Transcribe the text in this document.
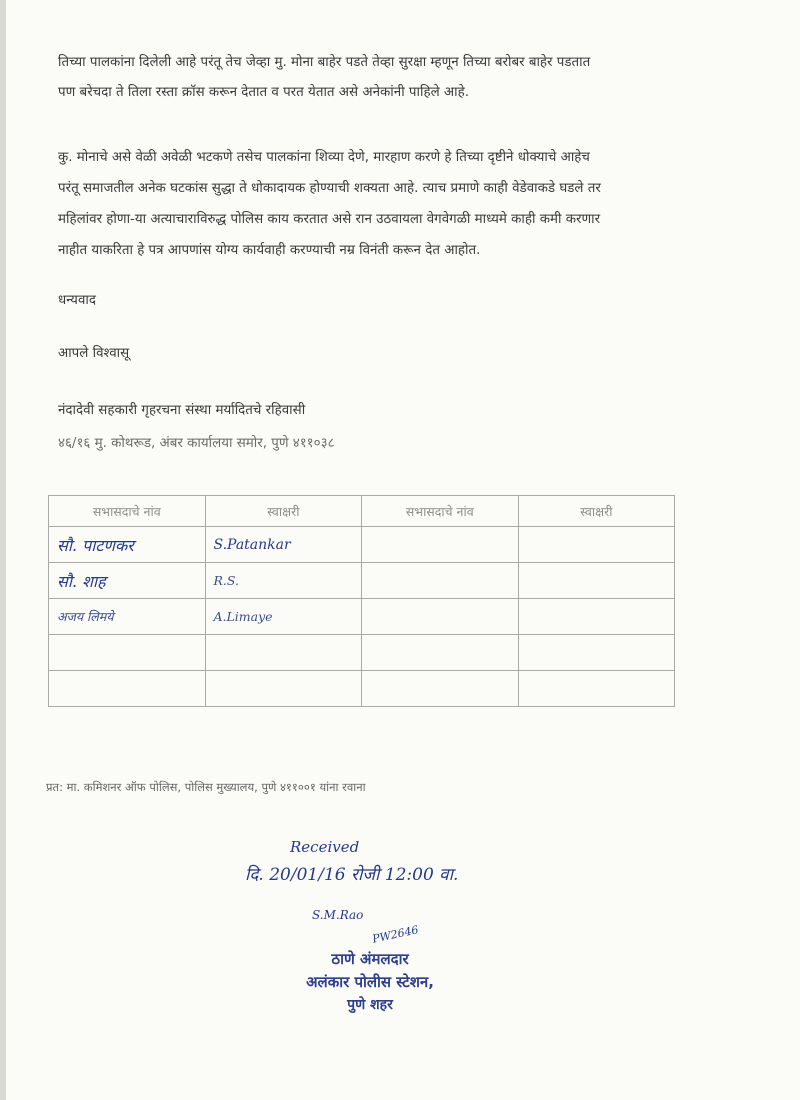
तिच्या पालकांना दिलेली आहे परंतू तेच जेव्हा मु. मोना बाहेर पडते तेव्हा सुरक्षा म्हणून तिच्या बरोबर बाहेर पडतात
पण बरेचदा ते तिला रस्ता क्रॉस करून देतात व परत येतात असे अनेकांनी पाहिले आहे.
कु. मोनाचे असे वेळी अवेळी भटकणे तसेच पालकांना शिव्या देणे, मारहाण करणे हे तिच्या दृष्टीने धोक्याचे आहेच
परंतू समाजतील अनेक घटकांस सुद्धा ते धोकादायक होण्याची शक्यता आहे. त्याच प्रमाणे काही वेडेवाकडे घडले तर
महिलांवर होणा-या अत्याचाराविरुद्ध पोलिस काय करतात असे रान उठवायला वेगवेगळी माध्यमे काही कमी करणार
नाहीत याकरिता हे पत्र आपणांस योग्य कार्यवाही करण्याची नम्र विनंती करून देत आहोत.
धन्यवाद
आपले विश्वासू
नंदादेवी सहकारी गृहरचना संस्था मर्यादितचे रहिवासी
४६/१६ मु. कोथरूड, अंबर कार्यालया समोर, पुणे ४११०३८
सभासदाचे नांव	स्वाक्षरी	सभासदाचे नांव	स्वाक्षरी
सौ. पाटणकर	S.Patankar		
सौ. शाह	R.S.		
अजय लिमये	A.Limaye		

प्रत: मा. कमिशनर ऑफ पोलिस, पोलिस मुख्यालय, पुणे ४११००१ यांना रवाना
Received
दि. 20/01/16 रोजी 12:00 वा.
S.M.Rao
PW2646
ठाणे अंमलदार
अलंकार पोलीस स्टेशन,
पुणे शहर
